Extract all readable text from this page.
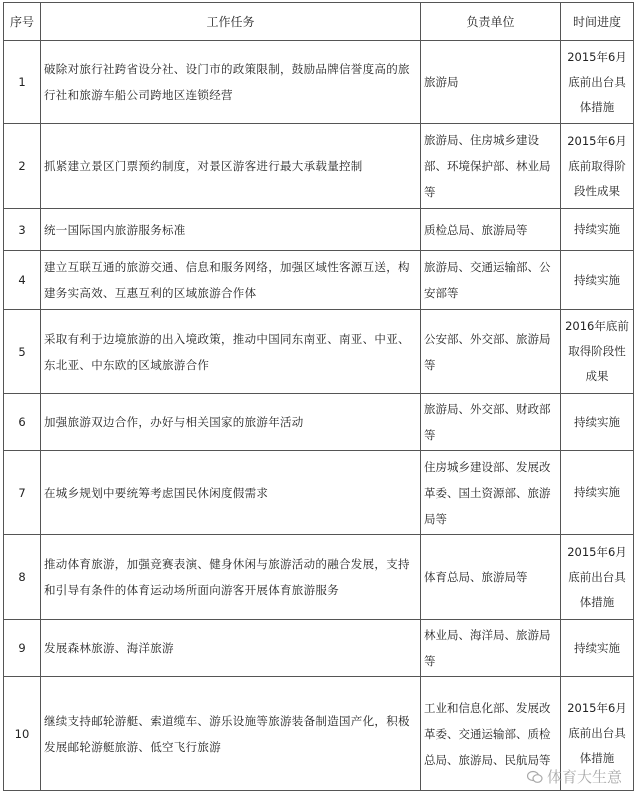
序号	工作任务	负责单位	时间进度
1	破除对旅行社跨省设分社、设门市的政策限制，鼓励品牌信誉度高的旅行社和旅游车船公司跨地区连锁经营	旅游局	2015年6月底前出台具体措施
2	抓紧建立景区门票预约制度，对景区游客进行最大承载量控制	旅游局、住房城乡建设部、环境保护部、林业局等	2015年6月底前取得阶段性成果
3	统一国际国内旅游服务标准	质检总局、旅游局等	持续实施
4	建立互联互通的旅游交通、信息和服务网络，加强区域性客源互送，构建务实高效、互惠互利的区域旅游合作体	旅游局、交通运输部、公安部等	持续实施
5	采取有利于边境旅游的出入境政策，推动中国同东南亚、南亚、中亚、东北亚、中东欧的区域旅游合作	公安部、外交部、旅游局等	2016年底前取得阶段性成果
6	加强旅游双边合作，办好与相关国家的旅游年活动	旅游局、外交部、财政部等	持续实施
7	在城乡规划中要统筹考虑国民休闲度假需求	住房城乡建设部、发展改革委、国土资源部、旅游局等	持续实施
8	推动体育旅游，加强竞赛表演、健身休闲与旅游活动的融合发展，支持和引导有条件的体育运动场所面向游客开展体育旅游服务	体育总局、旅游局等	2015年6月底前出台具体措施
9	发展森林旅游、海洋旅游	林业局、海洋局、旅游局等	持续实施
10	继续支持邮轮游艇、索道缆车、游乐设施等旅游装备制造国产化，积极发展邮轮游艇旅游、低空飞行旅游	工业和信息化部、发展改革委、交通运输部、质检总局、旅游局、民航局等	2015年6月底前出台具体措施
体育大生意
